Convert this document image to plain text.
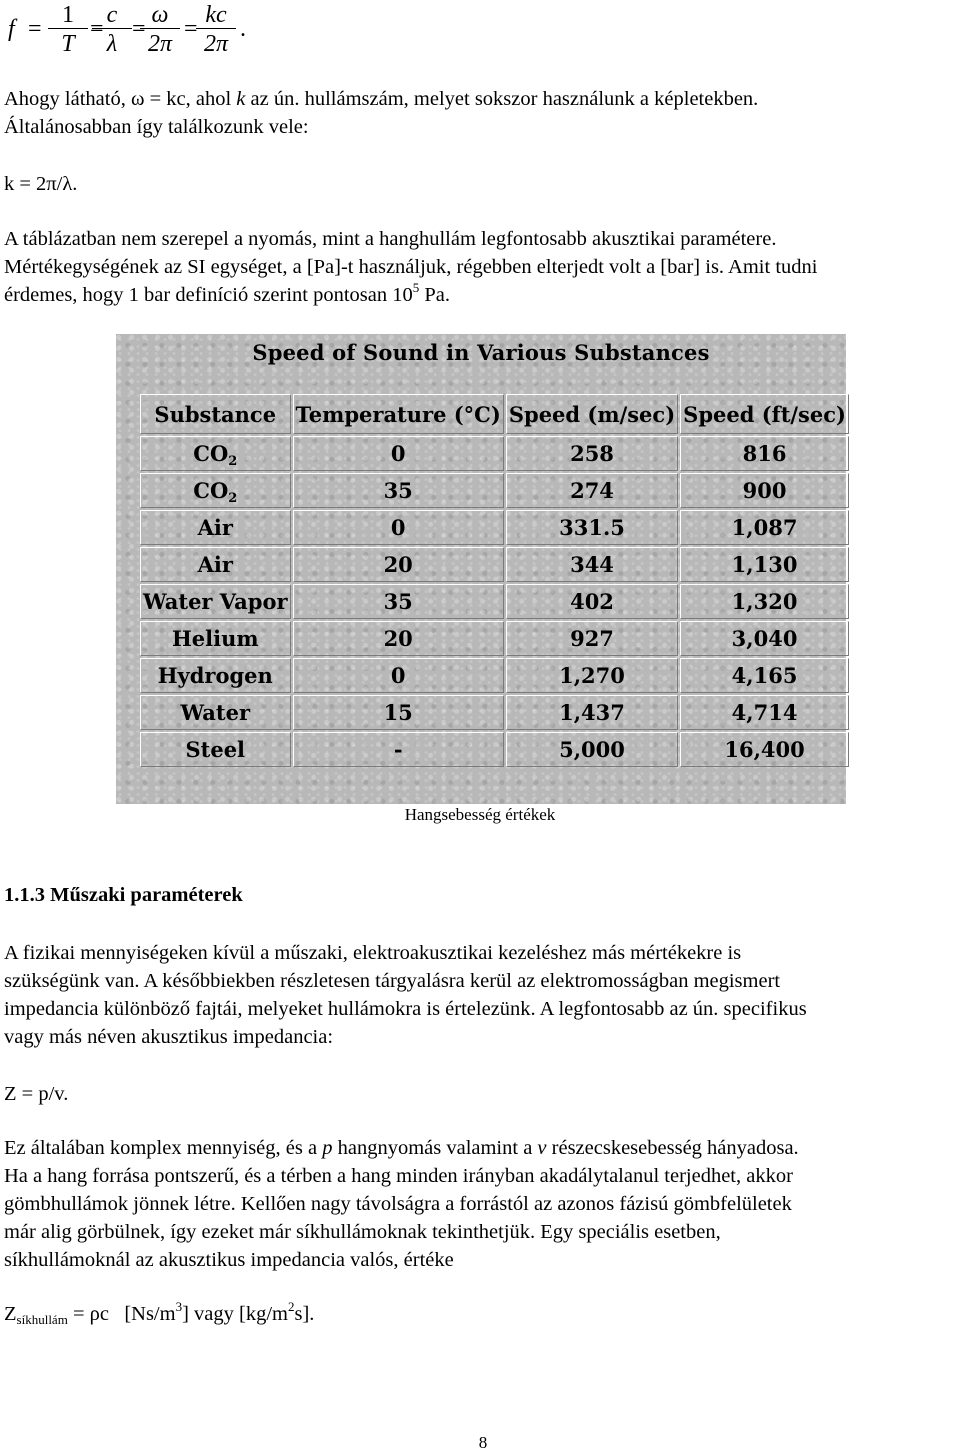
f =
1
T
=
c
λ
=
ω
2π
=
kc
2π
.
Ahogy látható, ω = kc, ahol k az ún. hullámszám, melyet sokszor használunk a képletekben.
Általánosabban így találkozunk vele:
k = 2π/λ.
A táblázatban nem szerepel a nyomás, mint a hanghullám legfontosabb akusztikai paramétere.
Mértékegységének az SI egységet, a [Pa]-t használjuk, régebben elterjedt volt a [bar] is. Amit tudni
érdemes, hogy 1 bar definíció szerint pontosan $10^5$ Pa.
Speed of Sound in Various Substances
Substance	Temperature (°C)	Speed (m/sec)	Speed (ft/sec)
$CO_2$	0	258	816
$CO_2$	35	274	900
Air	0	331.5	1,087
Air	20	344	1,130
Water Vapor	35	402	1,320
Helium	20	927	3,040
Hydrogen	0	1,270	4,165
Water	15	1,437	4,714
Steel	-	5,000	16,400
Hangsebesség értékek
1.1.3 Műszaki paraméterek
A fizikai mennyiségeken kívül a műszaki, elektroakusztikai kezeléshez más mértékekre is
szükségünk van. A későbbiekben részletesen tárgyalásra kerül az elektromosságban megismert
impedancia különböző fajtái, melyeket hullámokra is értelezünk. A legfontosabb az ún. specifikus
vagy más néven akusztikus impedancia:
Z = p/v.
Ez általában komplex mennyiség, és a p hangnyomás valamint a v részecskesebesség hányadosa.
Ha a hang forrása pontszerű, és a térben a hang minden irányban akadálytalanul terjedhet, akkor
gömbhullámok jönnek létre. Kellően nagy távolságra a forrástól az azonos fázisú gömbfelületek
már alig görbülnek, így ezeket már síkhullámoknak tekinthetjük. Egy speciális esetben,
síkhullámoknál az akusztikus impedancia valós, értéke
$Z_{síkhullám} = \rho c$   $[Ns/m^3]$ vagy $[kg/m^2s]$.
8
